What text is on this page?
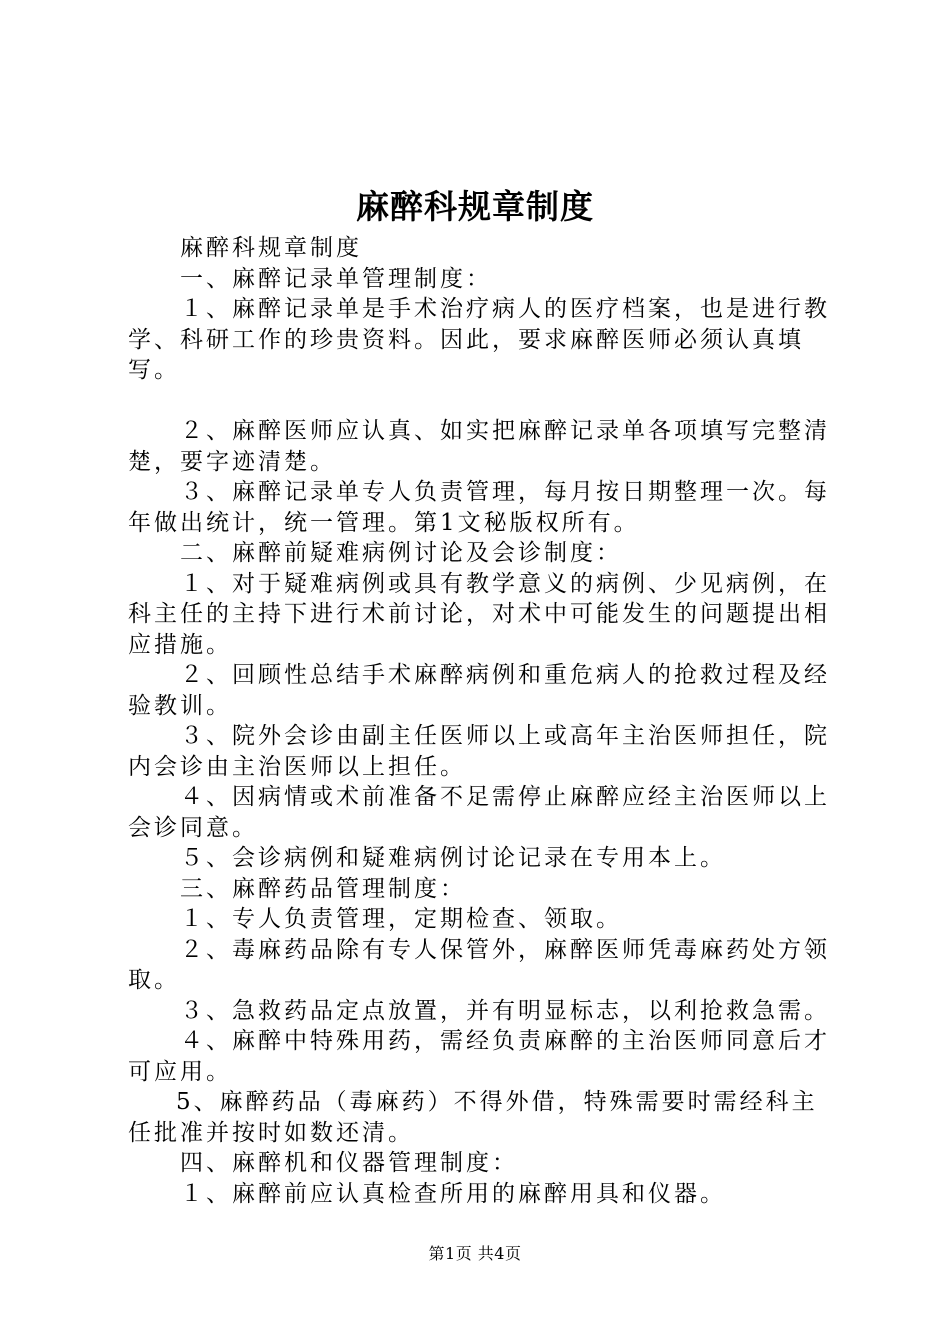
麻醉科规章制度

麻醉科规章制度

一、麻醉记录单管理制度：

１、麻醉记录单是手术治疗病人的医疗档案，也是进行教学、科研工作的珍贵资料。因此，要求麻醉医师必须认真填写。

２、麻醉医师应认真、如实把麻醉记录单各项填写完整清楚，要字迹清楚。

３、麻醉记录单专人负责管理，每月按日期整理一次。每年做出统计，统一管理。第1文秘版权所有。

二、麻醉前疑难病例讨论及会诊制度：

１、对于疑难病例或具有教学意义的病例、少见病例，在科主任的主持下进行术前讨论，对术中可能发生的问题提出相应措施。

２、回顾性总结手术麻醉病例和重危病人的抢救过程及经验教训。

３、院外会诊由副主任医师以上或高年主治医师担任，院内会诊由主治医师以上担任。

４、因病情或术前准备不足需停止麻醉应经主治医师以上会诊同意。

５、会诊病例和疑难病例讨论记录在专用本上。

三、麻醉药品管理制度：

１、专人负责管理，定期检查、领取。

２、毒麻药品除有专人保管外，麻醉医师凭毒麻药处方领取。

３、急救药品定点放置，并有明显标志，以利抢救急需。

４、麻醉中特殊用药，需经负责麻醉的主治医师同意后才可应用。

5、麻醉药品（毒麻药）不得外借，特殊需要时需经科主任批准并按时如数还清。

四、麻醉机和仪器管理制度：

１、麻醉前应认真检查所用的麻醉用具和仪器。

第1页 共4页
